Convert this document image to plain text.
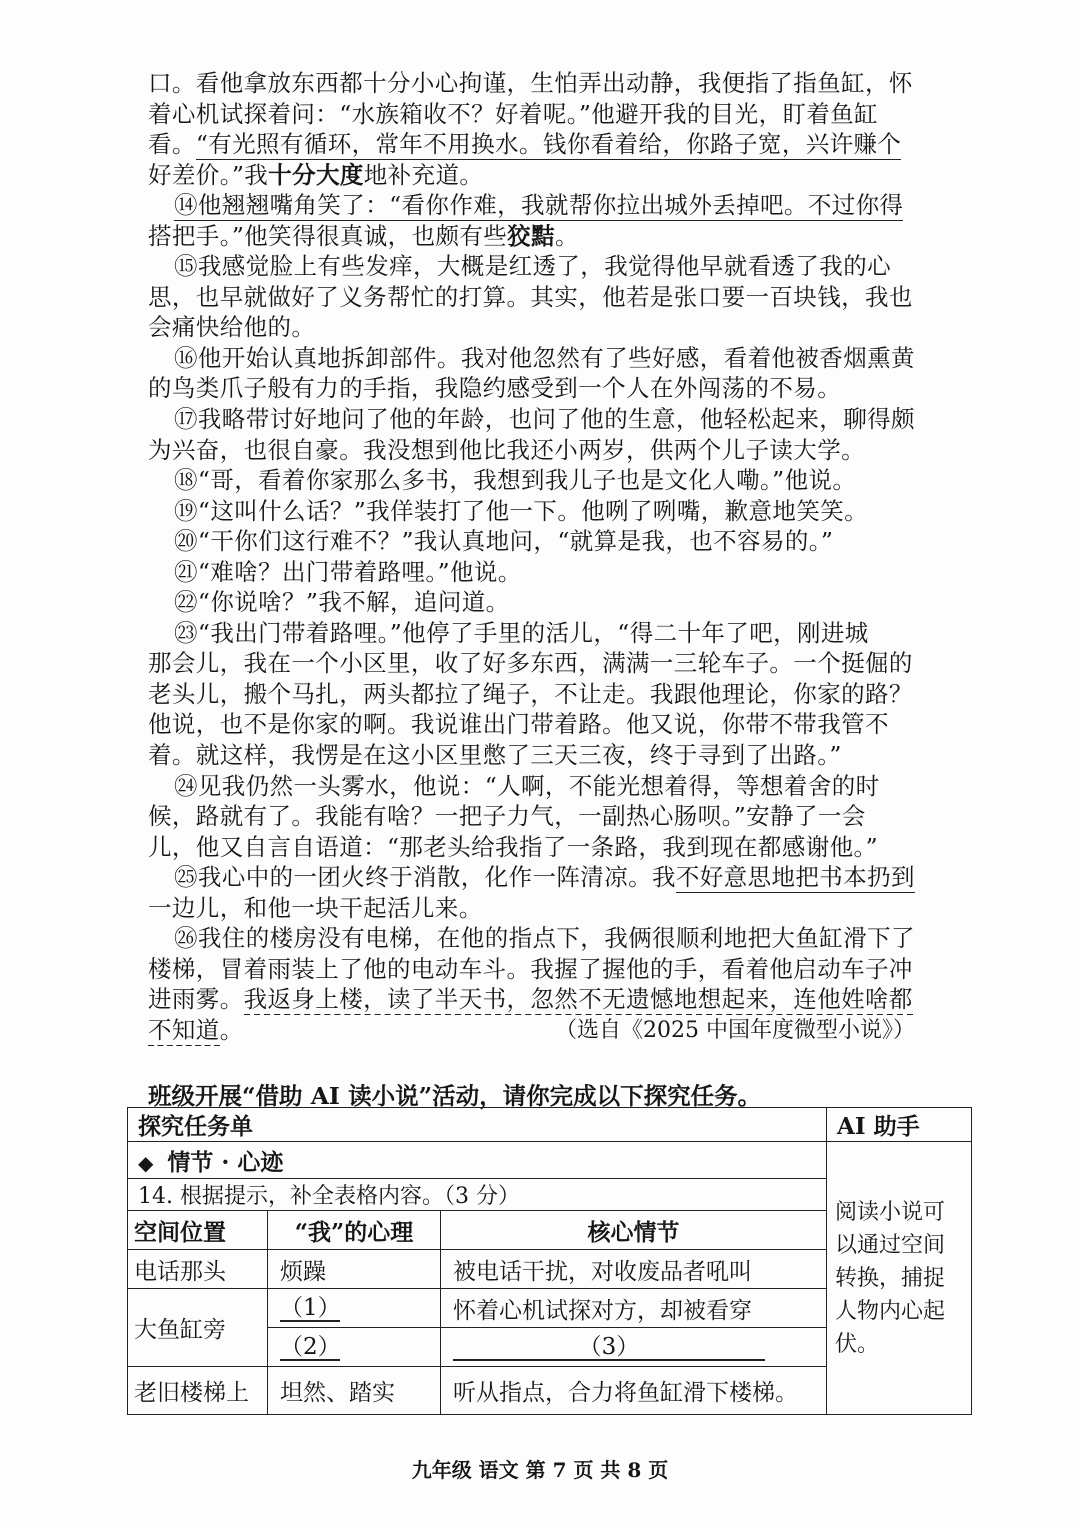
口。看他拿放东西都十分小心拘谨，生怕弄出动静，我便指了指鱼缸，怀
着心机试探着问：“水族箱收不？好着呢。”他避开我的目光，盯着鱼缸
看。“有光照有循环，常年不用换水。钱你看着给，你路子宽，兴许赚个
好差价。”我十分大度地补充道。
⑭他翘翘嘴角笑了：“看你作难，我就帮你拉出城外丢掉吧。不过你得
搭把手。”他笑得很真诚，也颇有些狡黠。
⑮我感觉脸上有些发痒，大概是红透了，我觉得他早就看透了我的心
思，也早就做好了义务帮忙的打算。其实，他若是张口要一百块钱，我也
会痛快给他的。
⑯他开始认真地拆卸部件。我对他忽然有了些好感，看着他被香烟熏黄
的鸟类爪子般有力的手指，我隐约感受到一个人在外闯荡的不易。
⑰我略带讨好地问了他的年龄，也问了他的生意，他轻松起来，聊得颇
为兴奋，也很自豪。我没想到他比我还小两岁，供两个儿子读大学。
⑱“哥，看着你家那么多书，我想到我儿子也是文化人嘞。”他说。
⑲“这叫什么话？”我佯装打了他一下。他咧了咧嘴，歉意地笑笑。
⑳“干你们这行难不？”我认真地问，“就算是我，也不容易的。”
㉑“难啥？出门带着路哩。”他说。
㉒“你说啥？”我不解，追问道。
㉓“我出门带着路哩。”他停了手里的活儿，“得二十年了吧，刚进城
那会儿，我在一个小区里，收了好多东西，满满一三轮车子。一个挺倔的
老头儿，搬个马扎，两头都拉了绳子，不让走。我跟他理论，你家的路？
他说，也不是你家的啊。我说谁出门带着路。他又说，你带不带我管不
着。就这样，我愣是在这小区里憋了三天三夜，终于寻到了出路。”
㉔见我仍然一头雾水，他说：“人啊，不能光想着得，等想着舍的时
候，路就有了。我能有啥？一把子力气，一副热心肠呗。”安静了一会
儿，他又自言自语道：“那老头给我指了一条路，我到现在都感谢他。”
㉕我心中的一团火终于消散，化作一阵清凉。我不好意思地把书本扔到
一边儿，和他一块干起活儿来。
㉖我住的楼房没有电梯，在他的指点下，我俩很顺利地把大鱼缸滑下了
楼梯，冒着雨装上了他的电动车斗。我握了握他的手，看着他启动车子冲
进雨雾。我返身上楼，读了半天书，忽然不无遗憾地想起来，连他姓啥都
不知道。	（选自《2025 中国年度微型小说》）
班级开展“借助 AI 读小说”活动，请你完成以下探究任务。
探究任务单			AI 助手
◆ 情节 · 心迹			阅读小说可以通过空间转换，捕捉人物内心起伏。
14. 根据提示，补全表格内容。（3 分）			
空间位置	“我”的心理	核心情节	
电话那头	烦躁	被电话干扰，对收废品者吼叫	
大鱼缸旁	（1）	怀着心机试探对方，却被看穿	
	（2）	（3）	
老旧楼梯上	坦然、踏实	听从指点，合力将鱼缸滑下楼梯。	
九年级 语文 第 7 页 共 8 页
